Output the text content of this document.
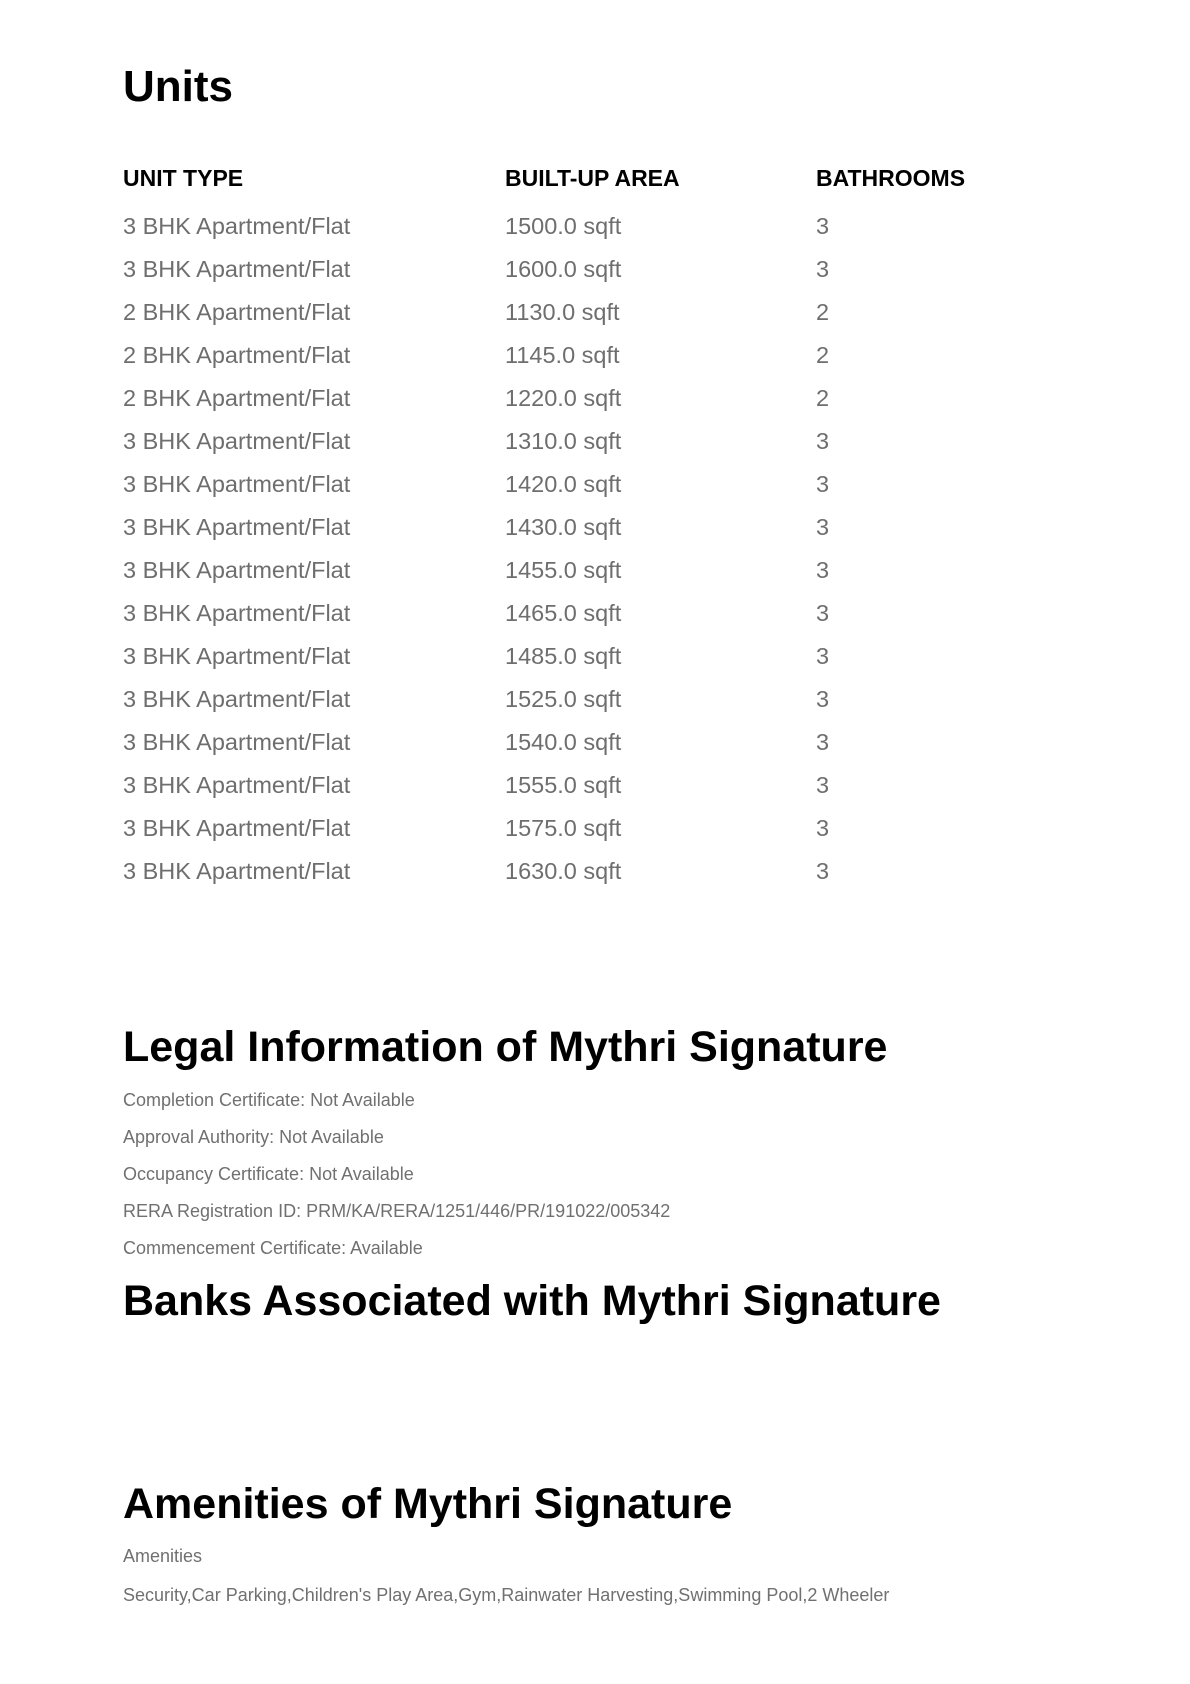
Units
UNIT TYPE	BUILT-UP AREA	BATHROOMS
3 BHK Apartment/Flat	1500.0 sqft	3
3 BHK Apartment/Flat	1600.0 sqft	3
2 BHK Apartment/Flat	1130.0 sqft	2
2 BHK Apartment/Flat	1145.0 sqft	2
2 BHK Apartment/Flat	1220.0 sqft	2
3 BHK Apartment/Flat	1310.0 sqft	3
3 BHK Apartment/Flat	1420.0 sqft	3
3 BHK Apartment/Flat	1430.0 sqft	3
3 BHK Apartment/Flat	1455.0 sqft	3
3 BHK Apartment/Flat	1465.0 sqft	3
3 BHK Apartment/Flat	1485.0 sqft	3
3 BHK Apartment/Flat	1525.0 sqft	3
3 BHK Apartment/Flat	1540.0 sqft	3
3 BHK Apartment/Flat	1555.0 sqft	3
3 BHK Apartment/Flat	1575.0 sqft	3
3 BHK Apartment/Flat	1630.0 sqft	3
Legal Information of Mythri Signature
Completion Certificate: Not Available
Approval Authority: Not Available
Occupancy Certificate: Not Available
RERA Registration ID: PRM/KA/RERA/1251/446/PR/191022/005342
Commencement Certificate: Available
Banks Associated with Mythri Signature
Amenities of Mythri Signature
Amenities
Security,Car Parking,Children's Play Area,Gym,Rainwater Harvesting,Swimming Pool,2 Wheeler
